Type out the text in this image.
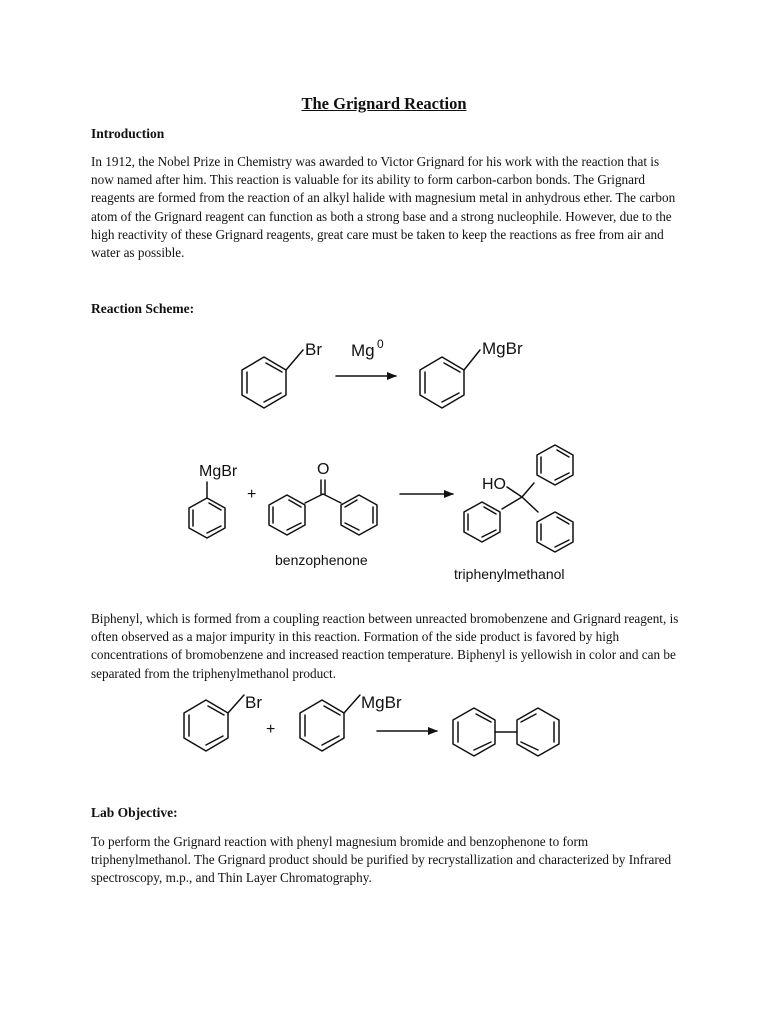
The Grignard Reaction
Introduction

In 1912, the Nobel Prize in Chemistry was awarded to Victor Grignard for his work with the reaction that is now named after him. This reaction is valuable for its ability to form carbon-carbon bonds. The Grignard reagents are formed from the reaction of an alkyl halide with magnesium metal in anhydrous ether. The carbon atom of the Grignard reagent can function as both a strong base and a strong nucleophile. However, due to the high reactivity of these Grignard reagents, great care must be taken to keep the reactions as free from air and water as possible.

Reaction Scheme:

Biphenyl, which is formed from a coupling reaction between unreacted bromobenzene and Grignard reagent, is often observed as a major impurity in this reaction. Formation of the side product is favored by high concentrations of bromobenzene and increased reaction temperature. Biphenyl is yellowish in color and can be separated from the triphenylmethanol product.

Lab Objective:

To perform the Grignard reaction with phenyl magnesium bromide and benzophenone to form triphenylmethanol. The Grignard product should be purified by recrystallization and characterized by Infrared spectroscopy, m.p., and Thin Layer Chromatography.

Br Mg 0	MgBr
MgBr
+
O
benzophenone
HO
triphenylmethanol
Br
+
MgBr
